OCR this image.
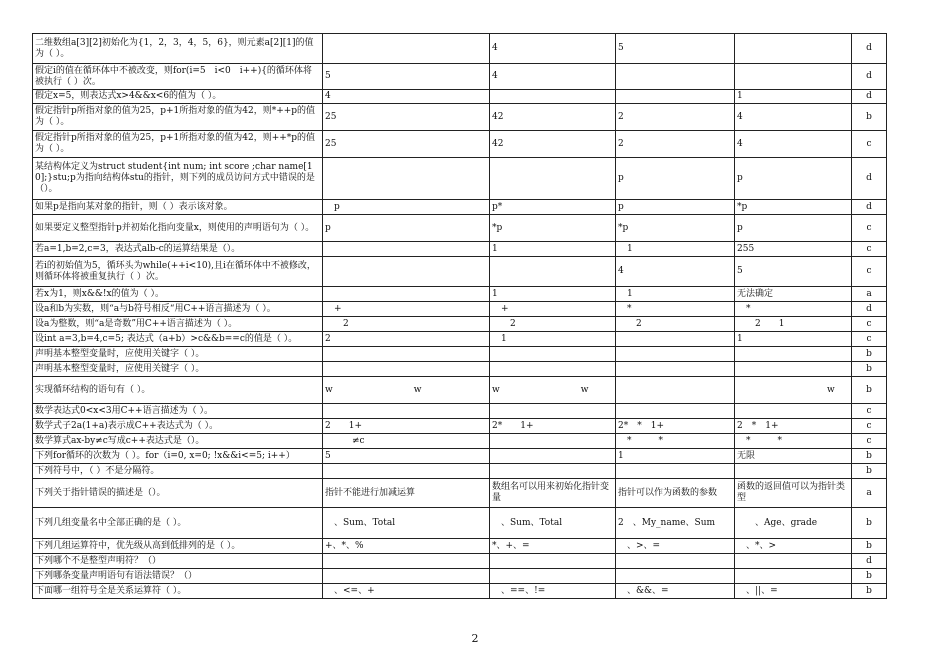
二维数组a[3][2]初始化为{1，2，3，4，5，6}，则元素a[2][1]的值为（ ）。		4	5		d
假定i的值在循环体中不被改变，则for(i=5　i<0　i++){的循环体将被执行（ ）次。	5	4			d
假定x=5，则表达式x>4&&x<6的值为（ ）。	4			1	d
假定指针p所指对象的值为25，p+1所指对象的值为42，则*++p的值为（ ）。	25	42	2	4	b
假定指针p所指对象的值为25，p+1所指对象的值为42，则++*p的值为（ ）。	25	42	2	4	c
某结构体定义为struct student{int num; int score ;char name[10];}stu;p为指向结构体stu的指针，则下列的成员访问方式中错误的是（）。			p	p	d
如果p是指向某对象的指针，则（ ）表示该对象。	　p	p*	p	*p	d
如果要定义整型指针p并初始化指向变量x，则使用的声明语句为（ ）。	p	*p	*p	p	c
若a=1,b=2,c=3，表达式alb-c的运算结果是（）。		1	　1	255	c
若i的初始值为5，循环头为while(++i<10),且i在循环体中不被修改，则循环体将被重复执行（ ）次。			4	5	c
若x为1，则x&&!x的值为（ ）。		1	　1	无法确定	a
设a和b为实数，则“a与b符号相反“用C++语言描述为（ ）。	　+	　+	　*	　*	d
设a为整数，则“a是奇数”用C++语言描述为（ ）。	　　2	　　2	　　2	　　2　　1	c
设int a=3,b=4,c=5; 表达式（a+b）>c&&b==c的值是（ ）。	2	　1		1	c
声明基本整型变量时，应使用关键字（ ）。					b
声明基本整型变量时，应使用关键字（ ）。					b
实现循环结构的语句有（ ）。	w　　　　　　　　　w	w　　　　　　　　　w		　　　　　　　　　　w	b
数学表达式0<x<3用C++语言描述为（ ）。					c
数学式子2a(1+a)表示成C++表达式为（ ）。	2　　1+	2*　　1+	2*　*　1+	2　*　1+	c
数学算式ax-by≠c写成c++表达式是（）。	　　　≠c		　*　　　*	　*　　　*	c
下列for循环的次数为（ ）。for（i=0, x=0; !x&&i<=5; i++）	5		1	无限	b
下列符号中，（ ）不是分隔符。					b
下列关于指针错误的描述是（）。	指针不能进行加减运算	数组名可以用来初始化指针变量	指针可以作为函数的参数	函数的返回值可以为指针类型	a
下列几组变量名中全部正确的是（ ）。	　、Sum、Total	　、Sum、Total	2　、My_name、Sum	　　、Age、grade	b
下列几组运算符中，优先级从高到低排列的是（ ）。	+、*、%	*、+、=	　、>、=	　、*、>	b
下列哪个不是整型声明符？（）					d
下列哪条变量声明语句有语法错误？（）					b
下面哪一组符号全是关系运算符（ ）。	　、<=、+	　、==、!=	　、&&、=	　、||、=	b
2
